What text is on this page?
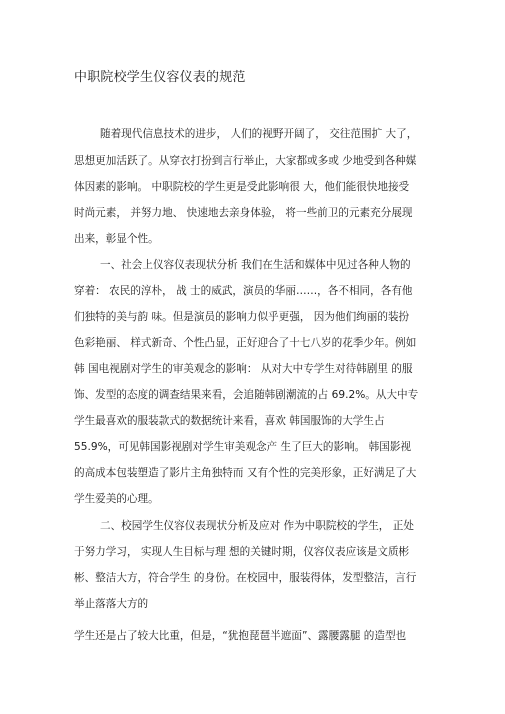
中职院校学生仪容仪表的规范
随着现代信息技术的进步， 人们的视野开阔了， 交往范围扩 大了，
思想更加活跃了。从穿衣打扮到言行举止，大家都或多或 少地受到各种媒
体因素的影响。 中职院校的学生更是受此影响很 大，他们能很快地接受
时尚元素， 并努力地、 快速地去亲身体验， 将一些前卫的元素充分展现
出来，彰显个性。
一、社会上仪容仪表现状分析 我们在生活和媒体中见过各种人物的
穿着： 农民的淳朴， 战 士的威武，演员的华丽……，各不相同，各有他
们独特的美与韵 味。但是演员的影响力似乎更强， 因为他们绚丽的装扮
色彩艳丽、 样式新奇、个性凸显，正好迎合了十七八岁的花季少年。例如
韩 国电视剧对学生的审美观念的影响： 从对大中专学生对待韩剧里 的服
饰、发型的态度的调查结果来看，会追随韩剧潮流的占 69.2%。从大中专
学生最喜欢的服装款式的数据统计来看，喜欢 韩国服饰的大学生占
55.9%，可见韩国影视剧对学生审美观念产 生了巨大的影响。 韩国影视
的高成本包装塑造了影片主角独特而 又有个性的完美形象，正好满足了大
学生爱美的心理。
二、校园学生仪容仪表现状分析及应对 作为中职院校的学生， 正处
于努力学习， 实现人生目标与理 想的关键时期，仪容仪表应该是文质彬
彬、整洁大方，符合学生 的身份。在校园中，服装得体，发型整洁，言行
举止落落大方的
学生还是占了较大比重，但是，“犹抱琵琶半遮面”、露腰露腿 的造型也
